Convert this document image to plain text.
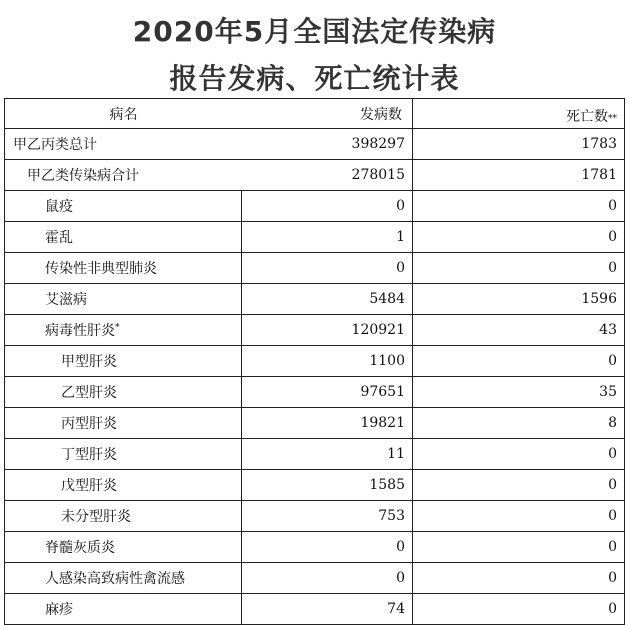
2020年5月全国法定传染病
报告发病、死亡统计表
病名	发病数	死亡数**
甲乙丙类总计	398297	1783
甲乙类传染病合计	278015	1781
鼠疫	0	0
霍乱	1	0
传染性非典型肺炎	0	0
艾滋病	5484	1596
病毒性肝炎*	120921	43
甲型肝炎	1100	0
乙型肝炎	97651	35
丙型肝炎	19821	8
丁型肝炎	11	0
戊型肝炎	1585	0
未分型肝炎	753	0
脊髓灰质炎	0	0
人感染高致病性禽流感	0	0
麻疹	74	0
